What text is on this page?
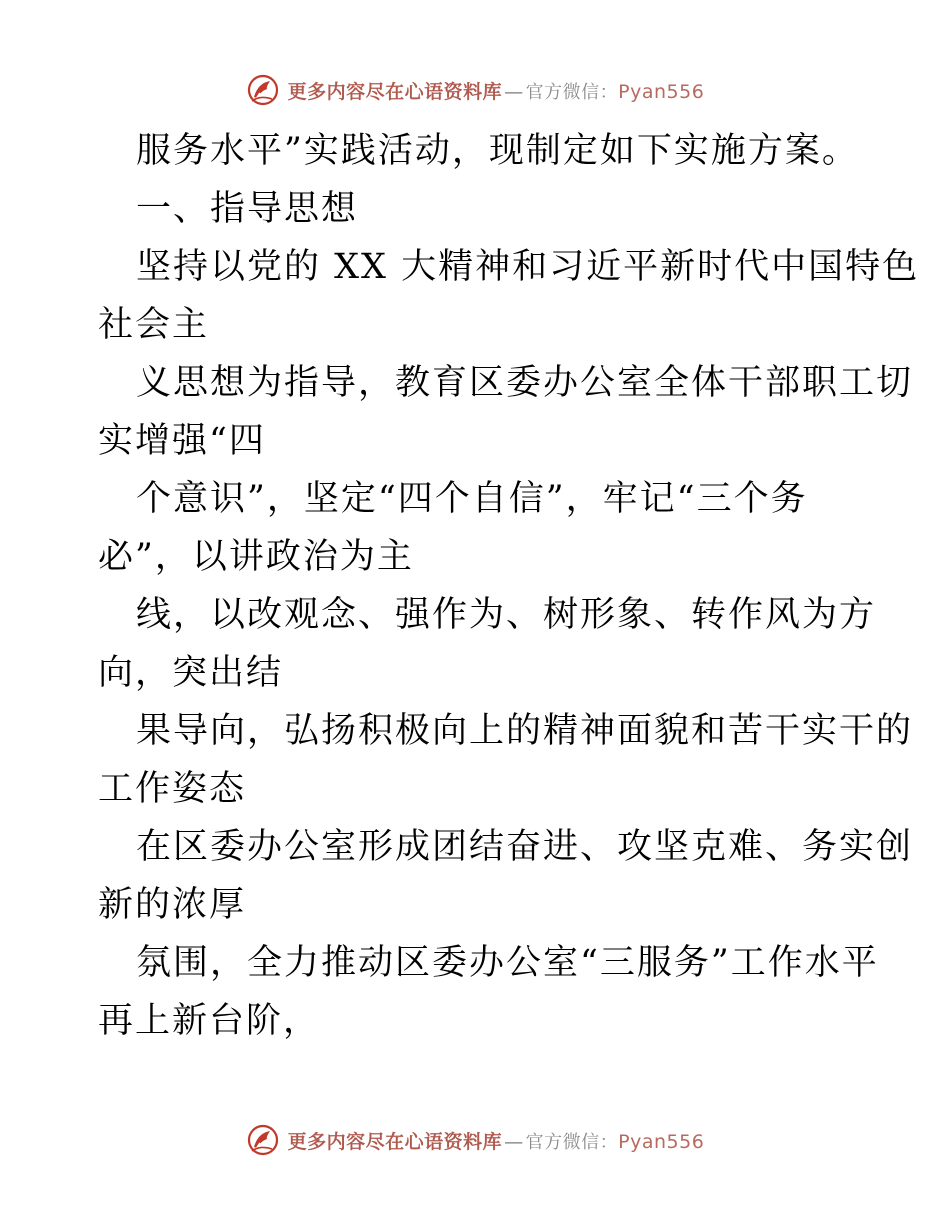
更多内容尽在心语资料库 — 官方微信： Pyan556
服务水平”实践活动，现制定如下实施方案。
一、指导思想
坚持以党的 XX 大精神和习近平新时代中国特色
社会主
义思想为指导，教育区委办公室全体干部职工切
实增强“四
个意识”，坚定“四个自信”，牢记“三个务
必”，以讲政治为主
线，以改观念、强作为、树形象、转作风为方
向，突出结
果导向，弘扬积极向上的精神面貌和苦干实干的
工作姿态
在区委办公室形成团结奋进、攻坚克难、务实创
新的浓厚
氛围，全力推动区委办公室“三服务”工作水平
再上新台阶，
更多内容尽在心语资料库 — 官方微信： Pyan556
